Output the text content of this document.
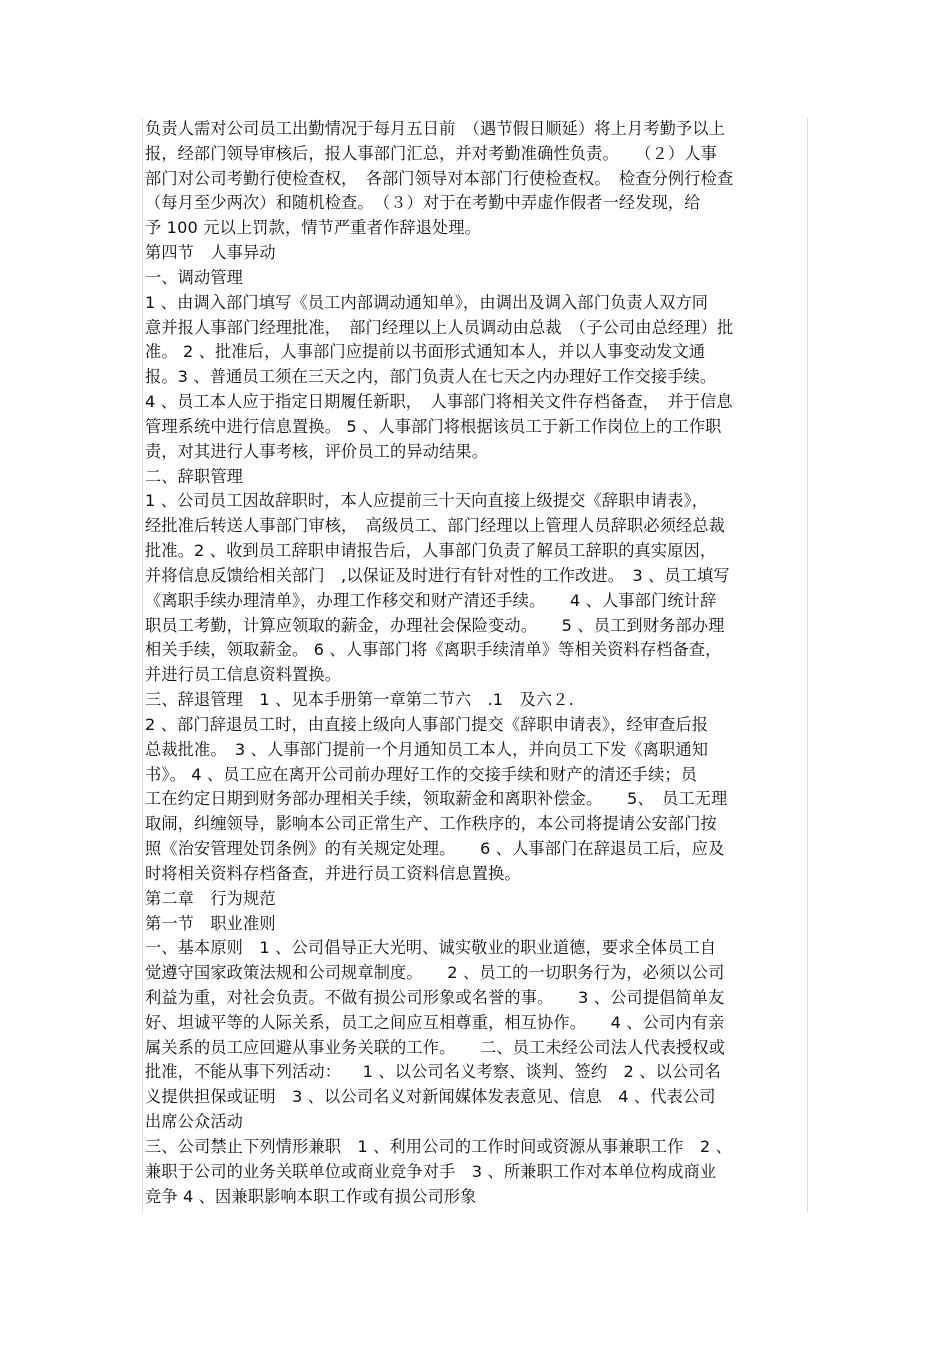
负责人需对公司员工出勤情况于每月五日前　（遇节假日顺延）将上月考勤予以上
报，经部门领导审核后，报人事部门汇总，并对考勤准确性负责。　　（２）人事
部门对公司考勤行使检查权，　各部门领导对本部门行使检查权。　检查分例行检查
（每月至少两次）和随机检查。　（３）对于在考勤中弄虚作假者一经发现，给
予 100 元以上罚款，情节严重者作辞退处理。
第四节　人事异动
一、调动管理
1 、由调入部门填写《员工内部调动通知单》，由调出及调入部门负责人双方同
意并报人事部门经理批准，　部门经理以上人员调动由总裁　（子公司由总经理）批
准。 2 、批准后，人事部门应提前以书面形式通知本人，并以人事变动发文通
报。3 、普通员工须在三天之内，部门负责人在七天之内办理好工作交接手续。
4 、员工本人应于指定日期履任新职，　人事部门将相关文件存档备查，　并于信息
管理系统中进行信息置换。 5 、人事部门将根据该员工于新工作岗位上的工作职
责，对其进行人事考核，评价员工的异动结果。
二、辞职管理
1 、公司员工因故辞职时，本人应提前三十天向直接上级提交《辞职申请表》，
经批准后转送人事部门审核，　高级员工、部门经理以上管理人员辞职必须经总裁
批准。2 、收到员工辞职申请报告后，人事部门负责了解员工辞职的真实原因，
并将信息反馈给相关部门　,以保证及时进行有针对性的工作改进。　3 、员工填写
《离职手续办理清单》，办理工作移交和财产清还手续。　　4 、人事部门统计辞
职员工考勤，计算应领取的薪金，办理社会保险变动。　　5 、员工到财务部办理
相关手续，领取薪金。 6 、人事部门将《离职手续清单》等相关资料存档备查，
并进行员工信息资料置换。
三、辞退管理　1 、见本手册第一章第二节六　.1　及六２.
2 、部门辞退员工时，由直接上级向人事部门提交《辞职申请表》，经审查后报
总裁批准。　3 、人事部门提前一个月通知员工本人，并向员工下发《离职通知
书》。 4 、员工应在离开公司前办理好工作的交接手续和财产的清还手续；员
工在约定日期到财务部办理相关手续，领取薪金和离职补偿金。　　5、　员工无理
取闹，纠缠领导，影响本公司正常生产、工作秩序的，本公司将提请公安部门按
照《治安管理处罚条例》的有关规定处理。　　6 、人事部门在辞退员工后，应及
时将相关资料存档备查，并进行员工资料信息置换。
第二章　行为规范
第一节　职业准则
一、基本原则　1 、公司倡导正大光明、诚实敬业的职业道德，要求全体员工自
觉遵守国家政策法规和公司规章制度。　　2 、员工的一切职务行为，必须以公司
利益为重，对社会负责。不做有损公司形象或名誉的事。　　3 、公司提倡简单友
好、坦诚平等的人际关系，员工之间应互相尊重，相互协作。　　4 、公司内有亲
属关系的员工应回避从事业务关联的工作。　　二、员工未经公司法人代表授权或
批准，不能从事下列活动： 　1 、以公司名义考察、谈判、签约　2 、以公司名
义提供担保或证明　3 、以公司名义对新闻媒体发表意见、信息　4 、代表公司
出席公众活动
三、公司禁止下列情形兼职　1 、利用公司的工作时间或资源从事兼职工作　2 、
兼职于公司的业务关联单位或商业竞争对手　3 、所兼职工作对本单位构成商业
竞争 4 、因兼职影响本职工作或有损公司形象
